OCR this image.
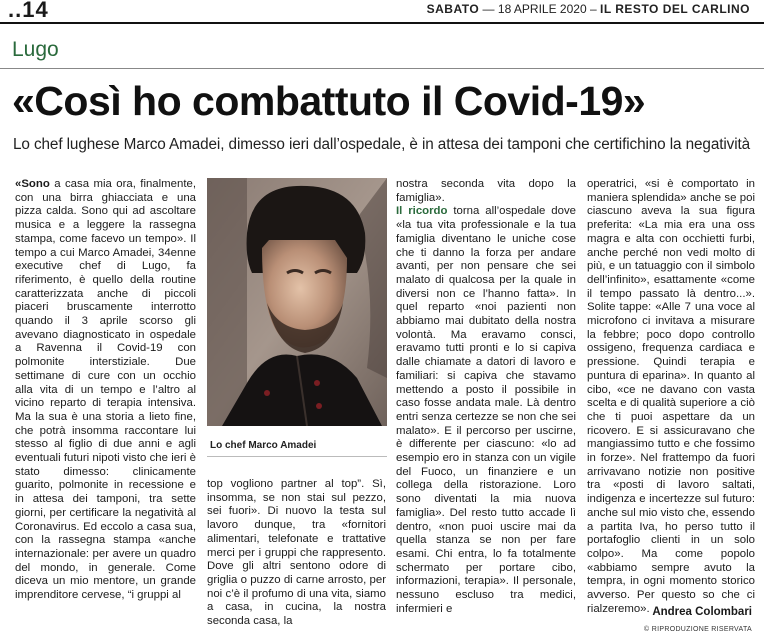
..14	SABATO — 18 APRILE 2020 – IL RESTO DEL CARLINO
Lugo
«Così ho combattuto il Covid-19»
Lo chef lughese Marco Amadei, dimesso ieri dall’ospedale, è in attesa dei tamponi che certifichino la negatività

«Sono a casa mia ora, finalmente, con una birra ghiacciata e una pizza calda. Sono qui ad ascoltare musica e a leggere la rassegna stampa, come facevo un tempo». Il tempo a cui Marco Amadei, 34enne executive chef di Lugo, fa riferimento, è quello della routine caratterizzata anche di piccoli piaceri bruscamente interrotto quando il 3 aprile scorso gli avevano diagnosticato in ospedale a Ravenna il Covid-19 con polmonite interstiziale. Due settimane di cure con un occhio alla vita di un tempo e l’altro al vicino reparto di terapia intensiva. Ma la sua è una storia a lieto fine, che potrà insomma raccontare lui stesso al figlio di due anni e agli eventuali futuri nipoti visto che ieri è stato dimesso: clinicamente guarito, polmonite in recessione e in attesa dei tamponi, tra sette giorni, per certificare la negatività al Coronavirus. Ed eccolo a casa sua, con la rassegna stampa «anche internazionale: per avere un quadro del mondo, in generale. Come diceva un mio mentore, un grande imprenditore cervese, “i gruppi al

Lo chef Marco Amadei

top vogliono partner al top”. Sì, insomma, se non stai sul pezzo, sei fuori». Di nuovo la testa sul lavoro dunque, tra «fornitori alimentari, telefonate e trattative merci per i gruppi che rappresento. Dove gli altri sentono odore di griglia o puzzo di carne arrosto, per noi c’è il profumo di una vita, siamo a casa, in cucina, la nostra seconda casa, la

nostra seconda vita dopo la famiglia».

Il ricordo torna all’ospedale dove «la tua vita professionale e la tua famiglia diventano le uniche cose che ti danno la forza per andare avanti, per non pensare che sei malato di qualcosa per la quale in diversi non ce l’hanno fatta». In quel reparto «noi pazienti non abbiamo mai dubitato della nostra volontà. Ma eravamo consci, eravamo tutti pronti e lo si capiva dalle chiamate a datori di lavoro e familiari: si capiva che stavamo mettendo a posto il possibile in caso fosse andata male. Là dentro entri senza certezze se non che sei malato». E il percorso per uscirne, è differente per ciascuno: «lo ad esempio ero in stanza con un vigile del Fuoco, un finanziere e un collega della ristorazione. Loro sono diventati la mia nuova famiglia». Del resto tutto accade lì dentro, «non puoi uscire mai da quella stanza se non per fare esami. Chi entra, lo fa totalmente schermato per portare cibo, informazioni, terapia». Il personale, nessuno escluso tra medici, infermieri e

operatrici, «si è comportato in maniera splendida» anche se poi ciascuno aveva la sua figura preferita: «La mia era una oss magra e alta con occhietti furbi, anche perché non vedi molto di più, e un tatuaggio con il simbolo dell’infinito», esattamente «come il tempo passato là dentro...». Solite tappe: «Alle 7 una voce al microfono ci invitava a misurare la febbre; poco dopo controllo ossigeno, frequenza cardiaca e pressione. Quindi terapia e puntura di eparina». In quanto al cibo, «ce ne davano con vasta scelta e di qualità superiore a ciò che ti puoi aspettare da un ricovero. E si assicuravano che mangiassimo tutto e che fossimo in forze». Nel frattempo da fuori arrivavano notizie non positive tra «posti di lavoro saltati, indigenza e incertezze sul futuro: anche sul mio visto che, essendo a partita Iva, ho perso tutto il portafoglio clienti in un solo colpo». Ma come popolo «abbiamo sempre avuto la tempra, in ogni momento storico avverso. Per questo so che ci rialzeremo». Andrea Colombari
© RIPRODUZIONE RISERVATA
